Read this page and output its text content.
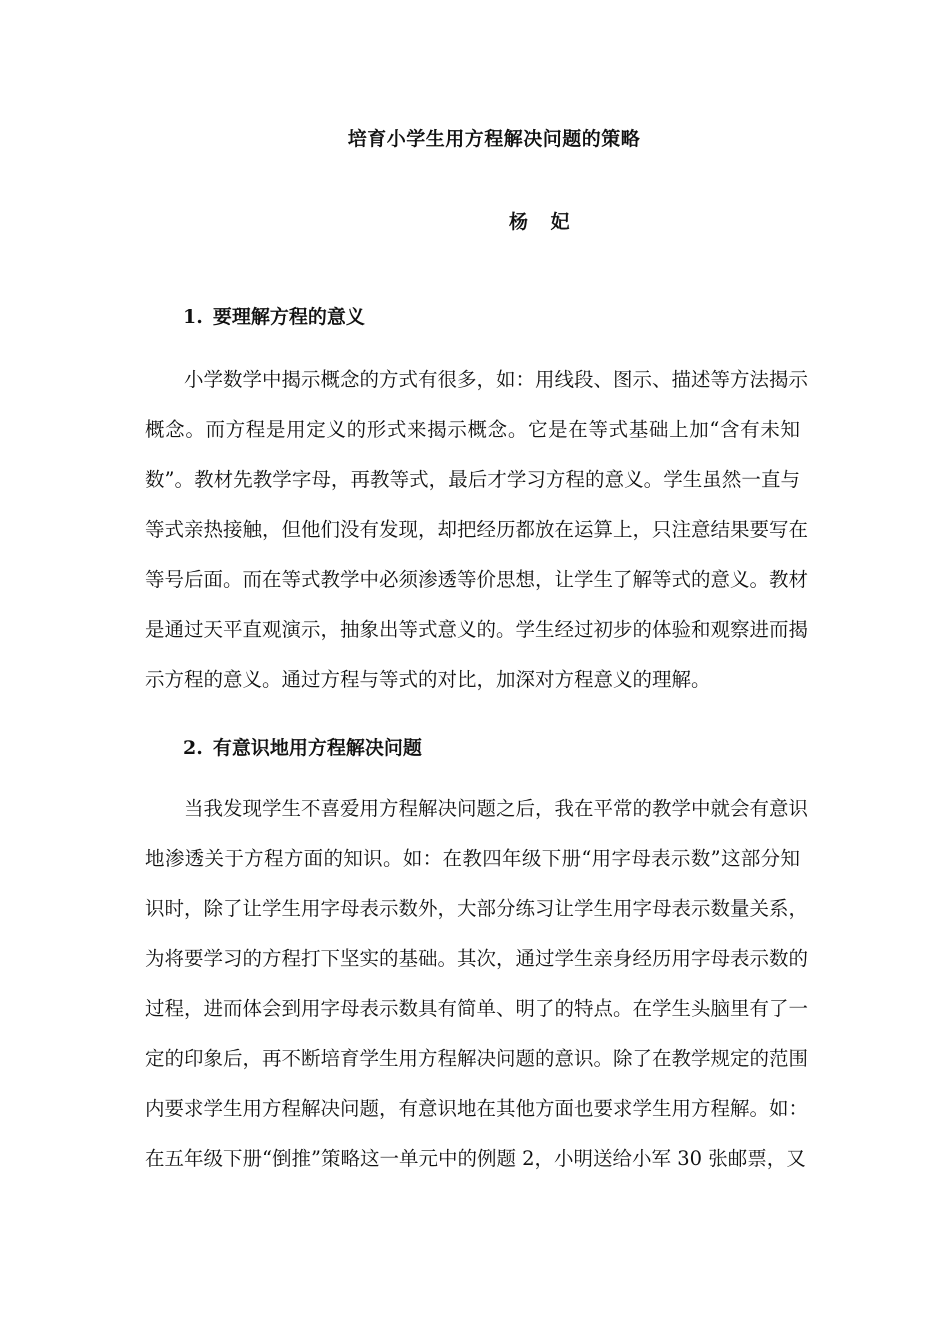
培育小学生用方程解决问题的策略
杨 妃
1. 要理解方程的意义
小学数学中揭示概念的方式有很多，如：用线段、图示、描述等方法揭示
概念。而方程是用定义的形式来揭示概念。它是在等式基础上加“含有未知
数”。教材先教学字母，再教等式，最后才学习方程的意义。学生虽然一直与
等式亲热接触，但他们没有发现，却把经历都放在运算上，只注意结果要写在
等号后面。而在等式教学中必须渗透等价思想，让学生了解等式的意义。教材
是通过天平直观演示，抽象出等式意义的。学生经过初步的体验和观察进而揭
示方程的意义。通过方程与等式的对比，加深对方程意义的理解。
2. 有意识地用方程解决问题
当我发现学生不喜爱用方程解决问题之后，我在平常的教学中就会有意识
地渗透关于方程方面的知识。如：在教四年级下册“用字母表示数”这部分知
识时，除了让学生用字母表示数外，大部分练习让学生用字母表示数量关系，
为将要学习的方程打下坚实的基础。其次，通过学生亲身经历用字母表示数的
过程，进而体会到用字母表示数具有简单、明了的特点。在学生头脑里有了一
定的印象后，再不断培育学生用方程解决问题的意识。除了在教学规定的范围
内要求学生用方程解决问题，有意识地在其他方面也要求学生用方程解。如：
在五年级下册“倒推”策略这一单元中的例题 2，小明送给小军 30 张邮票，又
